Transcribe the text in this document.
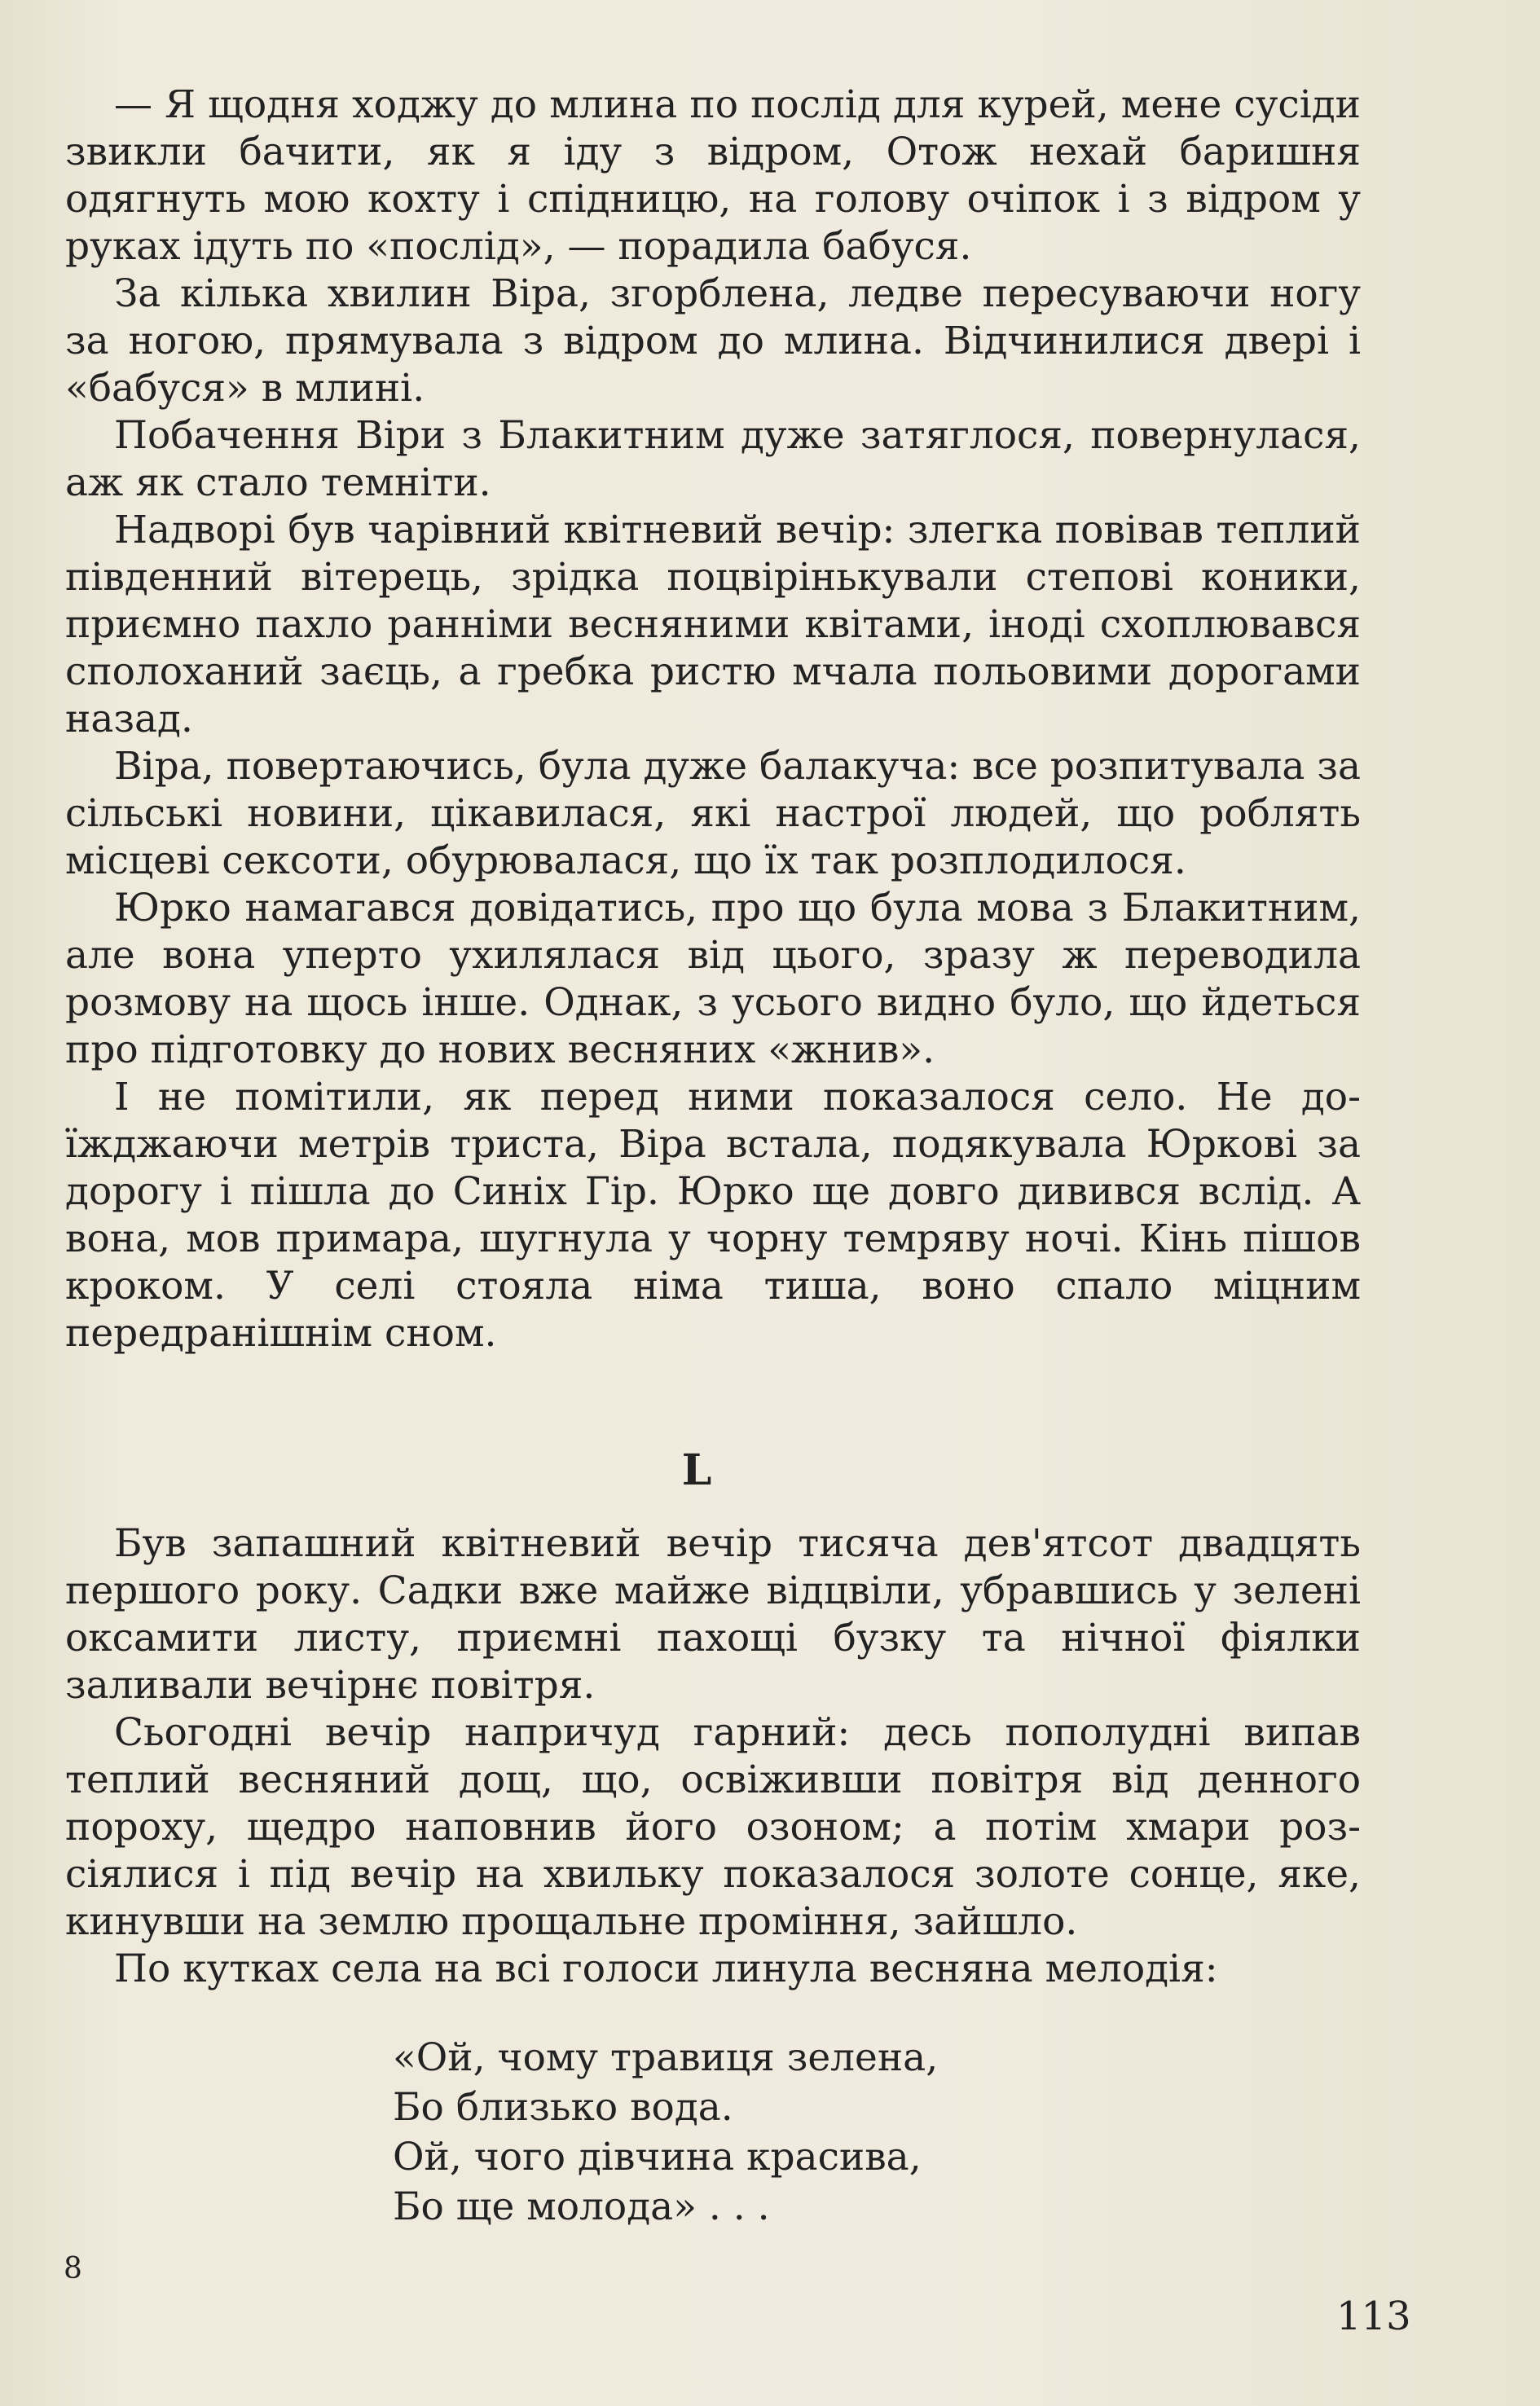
— Я щодня ходжу до млина по послід для курей, мене сусіди звикли бачити, як я іду з відром, Отож нехай баришня одягнуть мою кохту і спідницю, на голову очіпок і з відром у руках ідуть по «послід», — порадила бабуся.

За кілька хвилин Віра, згорблена, ледве пересуваючи ногу за ногою, прямувала з відром до млина. Відчинилися двері і «бабуся» в млині.

Побачення Віри з Блакитним дуже затяглося, повернулася, аж як стало темніти.

Надворі був чарівний квітневий вечір: злегка повівав теплий південний вітерець, зрідка поцвірінькували степові коники, приємно пахло ранніми весняними квітами, іноді схоплювався сполоханий заєць, а гребка ристю мчала польовими дорогами назад.

Віра, повертаючись, була дуже балакуча: все розпитувала за сільські новини, цікавилася, які настрої людей, що роблять місцеві сексоти, обурювалася, що їх так розплодилося.

Юрко намагався довідатись, про що була мова з Блакитним, але вона уперто ухилялася від цього, зразу ж переводила розмову на щось інше. Однак, з усього видно було, що йдеться про підготовку до нових весняних «жнив».

І не помітили, як перед ними показалося село. Не доїжджаючи метрів триста, Віра встала, подякувала Юркові за дорогу і пішла до Синіх Гір. Юрко ще довго дивився вслід. А вона, мов примара, шугнула у чорну темряву ночі. Кінь пішов кроком. У селі стояла німа тиша, воно спало міцним передранішнім сном.

L

Був запашний квітневий вечір тисяча дев'ятсот двадцять першого року. Садки вже майже відцвіли, убравшись у зелені оксамити листу, приємні пахощі бузку та нічної фіялки заливали вечірнє повітря.

Сьогодні вечір напричуд гарний: десь пополудні випав теплий весняний дощ, що, освіживши повітря від денного пороху, щедро наповнив його озоном; а потім хмари розсіялися і під вечір на хвильку показалося золоте сонце, яке, кинувши на землю прощальне проміння, зайшло.

По кутках села на всі голоси линула весняна мелодія:

«Ой, чому травиця зелена,
Бо близько вода.
Ой, чого дівчина красива,
Бо ще молода» . . .
8
113
